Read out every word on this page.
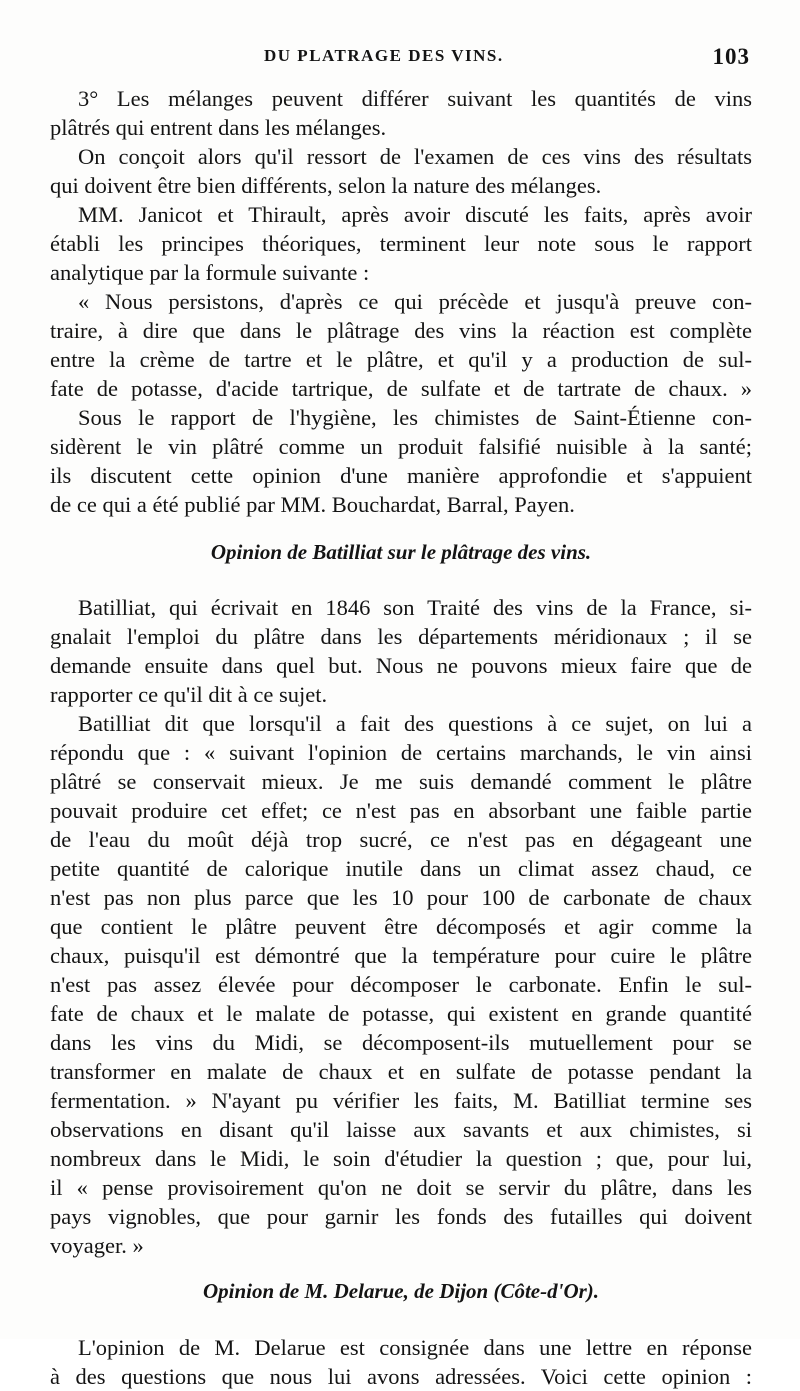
DU PLATRAGE DES VINS.	103
3° Les mélanges peuvent différer suivant les quantités de vins
plâtrés qui entrent dans les mélanges.
On conçoit alors qu'il ressort de l'examen de ces vins des résultats
qui doivent être bien différents, selon la nature des mélanges.
MM. Janicot et Thirault, après avoir discuté les faits, après avoir
établi les principes théoriques, terminent leur note sous le rapport
analytique par la formule suivante :
« Nous persistons, d'après ce qui précède et jusqu'à preuve con-
traire, à dire que dans le plâtrage des vins la réaction est complète
entre la crème de tartre et le plâtre, et qu'il y a production de sul-
fate de potasse, d'acide tartrique, de sulfate et de tartrate de chaux. »
Sous le rapport de l'hygiène, les chimistes de Saint-Étienne con-
sidèrent le vin plâtré comme un produit falsifié nuisible à la santé;
ils discutent cette opinion d'une manière approfondie et s'appuient
de ce qui a été publié par MM. Bouchardat, Barral, Payen.
Opinion de Batilliat sur le plâtrage des vins.
Batilliat, qui écrivait en 1846 son Traité des vins de la France, si-
gnalait l'emploi du plâtre dans les départements méridionaux ; il se
demande ensuite dans quel but. Nous ne pouvons mieux faire que de
rapporter ce qu'il dit à ce sujet.
Batilliat dit que lorsqu'il a fait des questions à ce sujet, on lui a
répondu que : « suivant l'opinion de certains marchands, le vin ainsi
plâtré se conservait mieux. Je me suis demandé comment le plâtre
pouvait produire cet effet; ce n'est pas en absorbant une faible partie
de l'eau du moût déjà trop sucré, ce n'est pas en dégageant une
petite quantité de calorique inutile dans un climat assez chaud, ce
n'est pas non plus parce que les 10 pour 100 de carbonate de chaux
que contient le plâtre peuvent être décomposés et agir comme la
chaux, puisqu'il est démontré que la température pour cuire le plâtre
n'est pas assez élevée pour décomposer le carbonate. Enfin le sul-
fate de chaux et le malate de potasse, qui existent en grande quantité
dans les vins du Midi, se décomposent-ils mutuellement pour se
transformer en malate de chaux et en sulfate de potasse pendant la
fermentation. » N'ayant pu vérifier les faits, M. Batilliat termine ses
observations en disant qu'il laisse aux savants et aux chimistes, si
nombreux dans le Midi, le soin d'étudier la question ; que, pour lui,
il « pense provisoirement qu'on ne doit se servir du plâtre, dans les
pays vignobles, que pour garnir les fonds des futailles qui doivent
voyager. »
Opinion de M. Delarue, de Dijon (Côte-d'Or).
L'opinion de M. Delarue est consignée dans une lettre en réponse
à des questions que nous lui avons adressées. Voici cette opinion :
